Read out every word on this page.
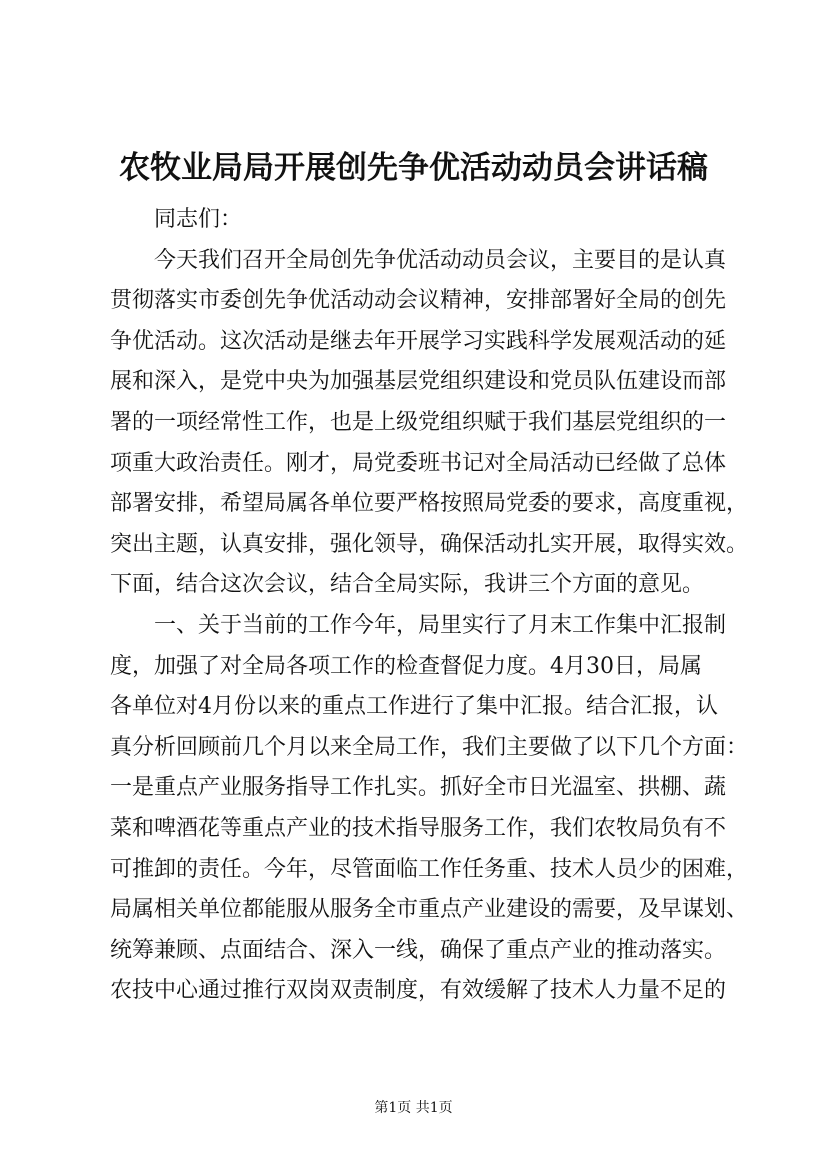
农牧业局局开展创先争优活动动员会讲话稿
　　同志们：
　　今天我们召开全局创先争优活动动员会议，主要目的是认真
贯彻落实市委创先争优活动动会议精神，安排部署好全局的创先
争优活动。这次活动是继去年开展学习实践科学发展观活动的延
展和深入，是党中央为加强基层党组织建设和党员队伍建设而部
署的一项经常性工作，也是上级党组织赋于我们基层党组织的一
项重大政治责任。刚才，局党委班书记对全局活动已经做了总体
部署安排，希望局属各单位要严格按照局党委的要求，高度重视，
突出主题，认真安排，强化领导，确保活动扎实开展，取得实效。
下面，结合这次会议，结合全局实际，我讲三个方面的意见。
　　一、关于当前的工作今年，局里实行了月末工作集中汇报制
度，加强了对全局各项工作的检查督促力度。4月30日，局属
各单位对4月份以来的重点工作进行了集中汇报。结合汇报，认
真分析回顾前几个月以来全局工作，我们主要做了以下几个方面：
一是重点产业服务指导工作扎实。抓好全市日光温室、拱棚、蔬
菜和啤酒花等重点产业的技术指导服务工作，我们农牧局负有不
可推卸的责任。今年，尽管面临工作任务重、技术人员少的困难，
局属相关单位都能服从服务全市重点产业建设的需要，及早谋划、
统筹兼顾、点面结合、深入一线，确保了重点产业的推动落实。
农技中心通过推行双岗双责制度，有效缓解了技术人力量不足的
第1页 共1页
